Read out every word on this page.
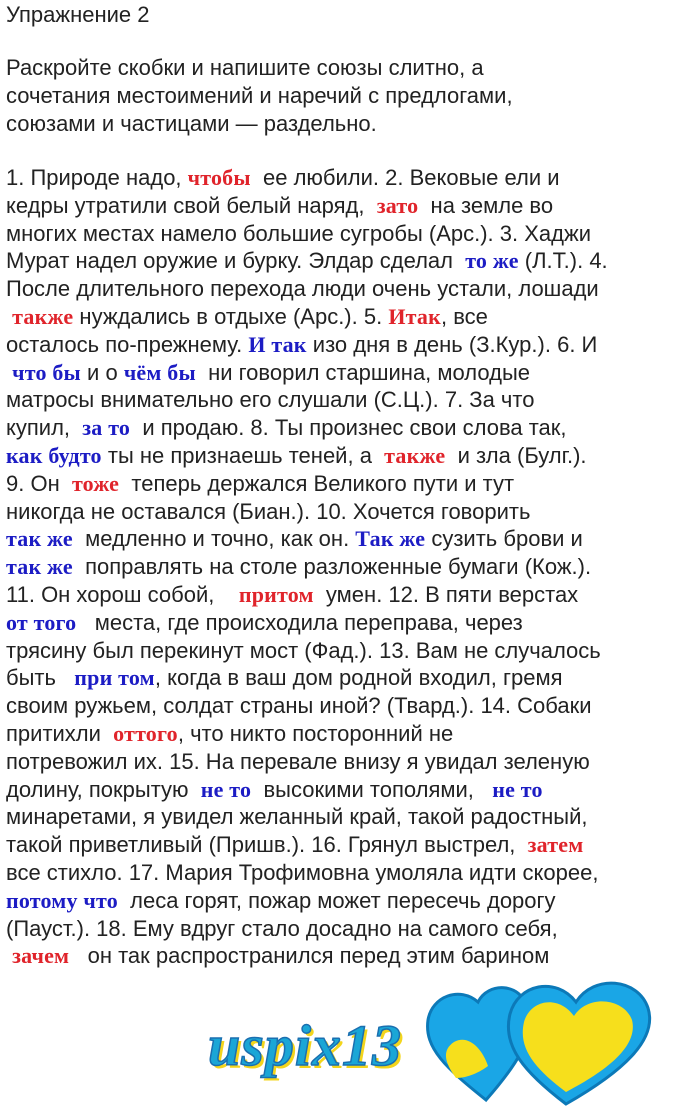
Упражнение 2
Раскройте скобки и напишите союзы слитно, а
сочетания местоимений и наречий с предлогами,
союзами и частицами — раздельно.
1. Природе надо, чтобы  ее любили. 2. Вековые ели и
кедры утратили свой белый наряд,  зато  на земле во
многих местах намело большие сугробы (Арс.). 3. Хаджи
Мурат надел оружие и бурку. Элдар сделал  то же (Л.Т.). 4.
После длительного перехода люди очень устали, лошади
также нуждались в отдыхе (Арс.). 5. Итак, все
осталось по-прежнему. И так изо дня в день (З.Кур.). 6. И
что бы и о чём бы  ни говорил старшина, молодые
матросы внимательно его слушали (С.Ц.). 7. За что
купил,  за то  и продаю. 8. Ты произнес свои слова так,
как будто ты не признаешь теней, а  также  и зла (Булг.).
9. Он  тоже  теперь держался Великого пути и тут
никогда не оставался (Биан.). 10. Хочется говорить
так же  медленно и точно, как он. Так же сузить брови и
так же  поправлять на столе разложенные бумаги (Кож.).
11. Он хорош собой,    притом  умен. 12. В пяти верстах
от того   места, где происходила переправа, через
трясину был перекинут мост (Фад.). 13. Вам не случалось
быть   при том, когда в ваш дом родной входил, гремя
своим ружьем, солдат страны иной? (Твард.). 14. Собаки
притихли  оттого, что никто посторонний не
потревожил их. 15. На перевале внизу я увидал зеленую
долину, покрытую  не то  высокими тополями,   не то
минаретами, я увидел желанный край, такой радостный,
такой приветливый (Пришв.). 16. Грянул выстрел,  затем
все стихло. 17. Мария Трофимовна умоляла идти скорее,
потому что  леса горят, пожар может пересечь дорогу
(Пауст.). 18. Ему вдруг стало досадно на самого себя,
зачем   он так распространился перед этим барином
uspix13
